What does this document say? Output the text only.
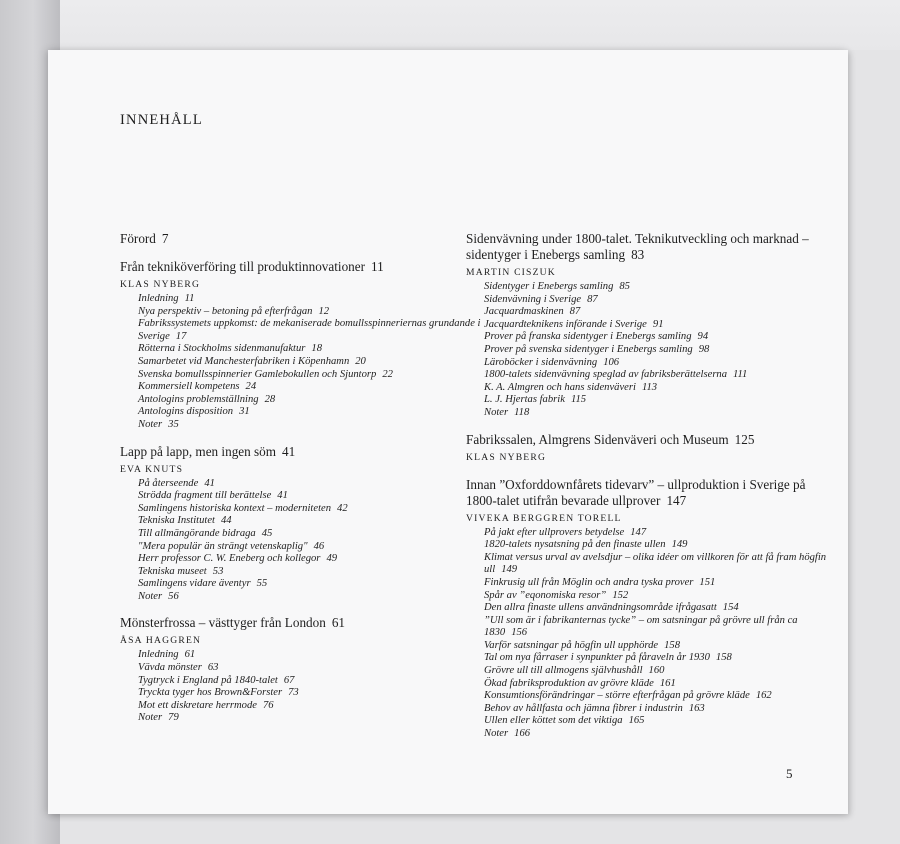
INNEHÅLL
Förord 7
Från tekniköverföring till produktinnovationer 11
KLAS NYBERG
Inledning 11
Nya perspektiv – betoning på efterfrågan 12
Fabrikssystemets uppkomst: de mekaniserade bomullsspinneriernas grundande i Sverige 17
Rötterna i Stockholms sidenmanufaktur 18
Samarbetet vid Manchesterfabriken i Köpenhamn 20
Svenska bomullsspinnerier Gamlebokullen och Sjuntorp 22
Kommersiell kompetens 24
Antologins problemställning 28
Antologins disposition 31
Noter 35
Lapp på lapp, men ingen söm 41
EVA KNUTS
På återseende 41
Strödda fragment till berättelse 41
Samlingens historiska kontext – moderniteten 42
Tekniska Institutet 44
Till allmängörande bidraga 45
"Mera populär än strängt vetenskaplig" 46
Herr professor C. W. Eneberg och kollegor 49
Tekniska museet 53
Samlingens vidare äventyr 55
Noter 56
Mönsterfrossa – västtyger från London 61
ÅSA HAGGREN
Inledning 61
Vävda mönster 63
Tygtryck i England på 1840-talet 67
Tryckta tyger hos Brown&Forster 73
Mot ett diskretare herrmode 76
Noter 79
Sidenvävning under 1800-talet. Teknikutveckling och marknad – sidentyger i Enebergs samling 83
MARTIN CISZUK
Sidentyger i Enebergs samling 85
Sidenvävning i Sverige 87
Jacquardmaskinen 87
Jacquardteknikens införande i Sverige 91
Prover på franska sidentyger i Enebergs samling 94
Prover på svenska sidentyger i Enebergs samling 98
Läroböcker i sidenvävning 106
1800-talets sidenvävning speglad av fabriksberättelserna 111
K. A. Almgren och hans sidenväveri 113
L. J. Hjertas fabrik 115
Noter 118
Fabrikssalen, Almgrens Sidenväveri och Museum 125
KLAS NYBERG
Innan ”Oxforddownfårets tidevarv” – ullproduktion i Sverige på 1800-talet utifrån bevarade ullprover 147
VIVEKA BERGGREN TORELL
På jakt efter ullprovers betydelse 147
1820-talets nysatsning på den finaste ullen 149
Klimat versus urval av avelsdjur – olika idéer om villkoren för att få fram högfin ull 149
Finkrusig ull från Möglin och andra tyska prover 151
Spår av ”eqonomiska resor” 152
Den allra finaste ullens användningsområde ifrågasatt 154
”Ull som är i fabrikanternas tycke” – om satsningar på grövre ull från ca 1830 156
Varför satsningar på högfin ull upphörde 158
Tal om nya fårraser i synpunkter på fåraveln år 1930 158
Grövre ull till allmogens självhushåll 160
Ökad fabriksproduktion av grövre kläde 161
Konsumtionsförändringar – större efterfrågan på grövre kläde 162
Behov av hållfasta och jämna fibrer i industrin 163
Ullen eller köttet som det viktiga 165
Noter 166
5
